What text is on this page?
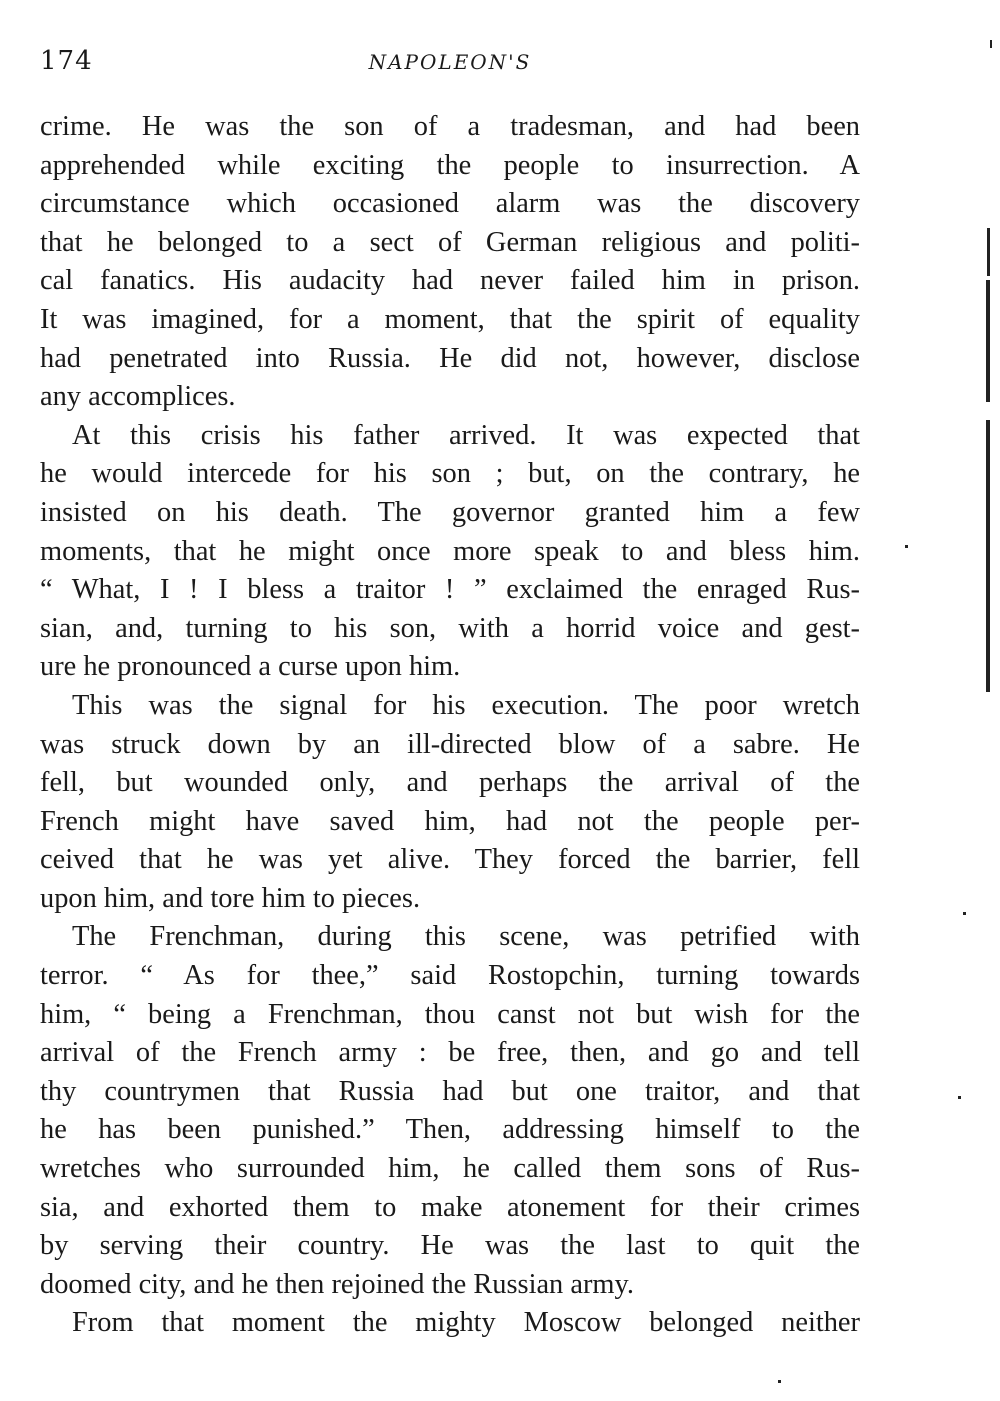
174	NAPOLEON'S

crime. He was the son of a tradesman, and had been

apprehended while exciting the people to insurrection. A

circumstance which occasioned alarm was the discovery

that he belonged to a sect of German religious and politi-

cal fanatics. His audacity had never failed him in prison.

It was imagined, for a moment, that the spirit of equality

had penetrated into Russia. He did not, however, disclose

any accomplices.

At this crisis his father arrived. It was expected that

he would intercede for his son ; but, on the contrary, he

insisted on his death. The governor granted him a few

moments, that he might once more speak to and bless him.

“ What, I ! I bless a traitor ! ” exclaimed the enraged Rus-

sian, and, turning to his son, with a horrid voice and gest-

ure he pronounced a curse upon him.

This was the signal for his execution. The poor wretch

was struck down by an ill-directed blow of a sabre. He

fell, but wounded only, and perhaps the arrival of the

French might have saved him, had not the people per-

ceived that he was yet alive. They forced the barrier, fell

upon him, and tore him to pieces.

The Frenchman, during this scene, was petrified with

terror. “ As for thee,” said Rostopchin, turning towards

him, “ being a Frenchman, thou canst not but wish for the

arrival of the French army : be free, then, and go and tell

thy countrymen that Russia had but one traitor, and that

he has been punished.” Then, addressing himself to the

wretches who surrounded him, he called them sons of Rus-

sia, and exhorted them to make atonement for their crimes

by serving their country. He was the last to quit the

doomed city, and he then rejoined the Russian army.

From that moment the mighty Moscow belonged neither
